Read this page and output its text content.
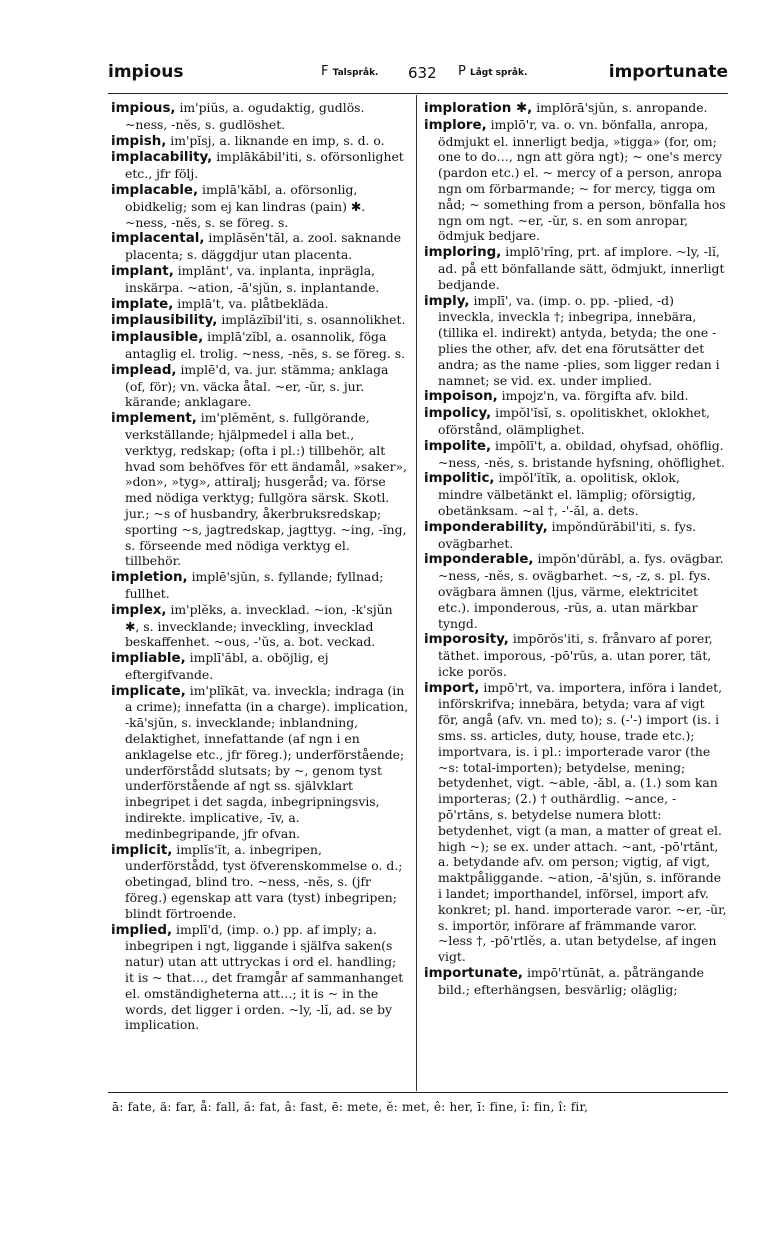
impious	F Talspråk. 632 P Lågt språk.	importunate

impious, im'piŭs, a. ogudaktig, gudlös. ~ness, -nĕs, s. gudlöshet.

impish, im'pĭsj, a. liknande en imp, s. d. o.

implacability, implākăbil'iti, s. oförsonlighet etc., jfr följ.

implacable, implā'kăbl, a. oförsonlig, obidkelig; som ej kan lindras (pain) ✱. ~ness, -nĕs, s. se föreg. s.

implacental, implăsĕn'tăl, a. zool. saknande placenta; s. däggdjur utan placenta.

implant, implănt', va. inplanta, inprägla, inskärpa. ~ation, -ā'sjŭn, s. inplantande.

implate, implā't, va. plåtbekläda.

implausibility, implăzĭbil'iti, s. osannolikhet.

implausible, implā'zĭbl, a. osannolik, föga antaglig el. trolig. ~ness, -nĕs, s. se föreg. s.

implead, implē'd, va. jur. stämma; anklaga (of, för); vn. väcka åtal. ~er, -ŭr, s. jur. kärande; anklagare.

implement, im'plĕmĕnt, s. fullgörande, verkställande; hjälpmedel i alla bet., verktyg, redskap; (ofta i pl.:) tillbehör, alt hvad som behöfves för ett ändamål, »saker», »don», »tyg», attiralj; husgeråd; va. förse med nödiga verktyg; fullgöra särsk. Skotl. jur.; ~s of husbandry, åkerbruksredskap; sporting ~s, jagtredskap, jagttyg. ~ing, -ĭng, s. förseende med nödiga verktyg el. tillbehör.

impletion, implē'sjŭn, s. fyllande; fyllnad; fullhet.

implex, im'plĕks, a. invecklad. ~ion, -k'sjŭn ✱, s. invecklande; inveckling, invecklad beskaffenhet. ~ous, -'ŭs, a. bot. veckad.

impliable, implī'ăbl, a. oböjlig, ej eftergifvande.

implicate, im'plĭkāt, va. inveckla; indraga (in a crime); innefatta (in a charge). implication, -kā'sjŭn, s. invecklande; inblandning, delaktighet, innefattande (af ngn i en anklagelse etc., jfr föreg.); underförstående; underförstådd slutsats; by ~, genom tyst underförstående af ngt ss. självklart inbegripet i det sagda, inbegripningsvis, indirekte. implicative, -īv, a. medinbegripande, jfr ofvan.

implicit, implĭs'ĭt, a. inbegripen, underförstådd, tyst öfverenskommelse o. d.; obetingad, blind tro. ~ness, -nĕs, s. (jfr föreg.) egenskap att vara (tyst) inbegripen; blindt förtroende.

implied, implī'd, (imp. o.) pp. af imply; a. inbegripen i ngt, liggande i själfva saken(s natur) utan att uttryckas i ord el. handling; it is ~ that…, det framgår af sammanhanget el. omständigheterna att…; it is ~ in the words, det ligger i orden. ~ly, -lĭ, ad. se by implication.

imploration ✱, implōrā'sjŭn, s. anropande.

implore, implō'r, va. o. vn. bönfalla, anropa, ödmjukt el. innerligt bedja, »tigga» (for, om; one to do…, ngn att göra ngt); ~ one's mercy (pardon etc.) el. ~ mercy of a person, anropa ngn om förbarmande; ~ for mercy, tigga om nåd; ~ something from a person, bönfalla hos ngn om ngt. ~er, -ŭr, s. en som anropar, ödmjuk bedjare.

imploring, implō'rĭng, prt. af implore. ~ly, -lĭ, ad. på ett bönfallande sätt, ödmjukt, innerligt bedjande.

imply, implī', va. (imp. o. pp. -plied, -d) inveckla, inveckla †; inbegripa, innebära, (tillika el. indirekt) antyda, betyda; the one -plies the other, afv. det ena förutsätter det andra; as the name -plies, som ligger redan i namnet; se vid. ex. under implied.

impoison, impojz'n, va. förgifta afv. bild.

impolicy, impŏl'ĭsĭ, s. opolitiskhet, oklokhet, oförstånd, olämplighet.

impolite, impōlī't, a. obildad, ohyfsad, ohöflig. ~ness, -nĕs, s. bristande hyfsning, ohöflighet.

impolitic, impŏl'ĭtĭk, a. opolitisk, oklok, mindre välbetänkt el. lämplig; oförsigtig, obetänksam. ~al †, -'-ăl, a. dets.

imponderability, impŏndŭrăbil'iti, s. fys. ovägbarhet.

imponderable, impŏn'dŭrăbl, a. fys. ovägbar. ~ness, -nĕs, s. ovägbarhet. ~s, -z, s. pl. fys. ovägbara ämnen (ljus, värme, elektricitet etc.). imponderous, -rŭs, a. utan märkbar tyngd.

imporosity, impōrŏs'iti, s. frånvaro af porer, täthet. imporous, -pō'rŭs, a. utan porer, tät, icke porös.

import, impō'rt, va. importera, införa i landet, införskrifva; innebära, betyda; vara af vigt för, angå (afv. vn. med to); s. (-'-) import (is. i sms. ss. articles, duty, house, trade etc.); importvara, is. i pl.: importerade varor (the ~s: total-importen); betydelse, mening; betydenhet, vigt. ~able, -ăbl, a. (1.) som kan importeras; (2.) † outhärdlig. ~ance, -pō'rtăns, s. betydelse numera blott: betydenhet, vigt (a man, a matter of great el. high ~); se ex. under attach. ~ant, -pō'rtănt, a. betydande afv. om person; vigtig, af vigt, maktpåliggande. ~ation, -ā'sjŭn, s. införande i landet; importhandel, införsel, import afv. konkret; pl. hand. importerade varor. ~er, -ŭr, s. importör, införare af främmande varor. ~less †, -pō'rtlĕs, a. utan betydelse, af ingen vigt.

importunate, impō'rtŭnāt, a. påträngande bild.; efterhängsen, besvärlig; oläglig;

ā: fate, ä: far, å: fall, ă: fat, â: fast, ē: mete, ĕ: met, ê: her, ī: fine, ĭ: fin, î: fir,
